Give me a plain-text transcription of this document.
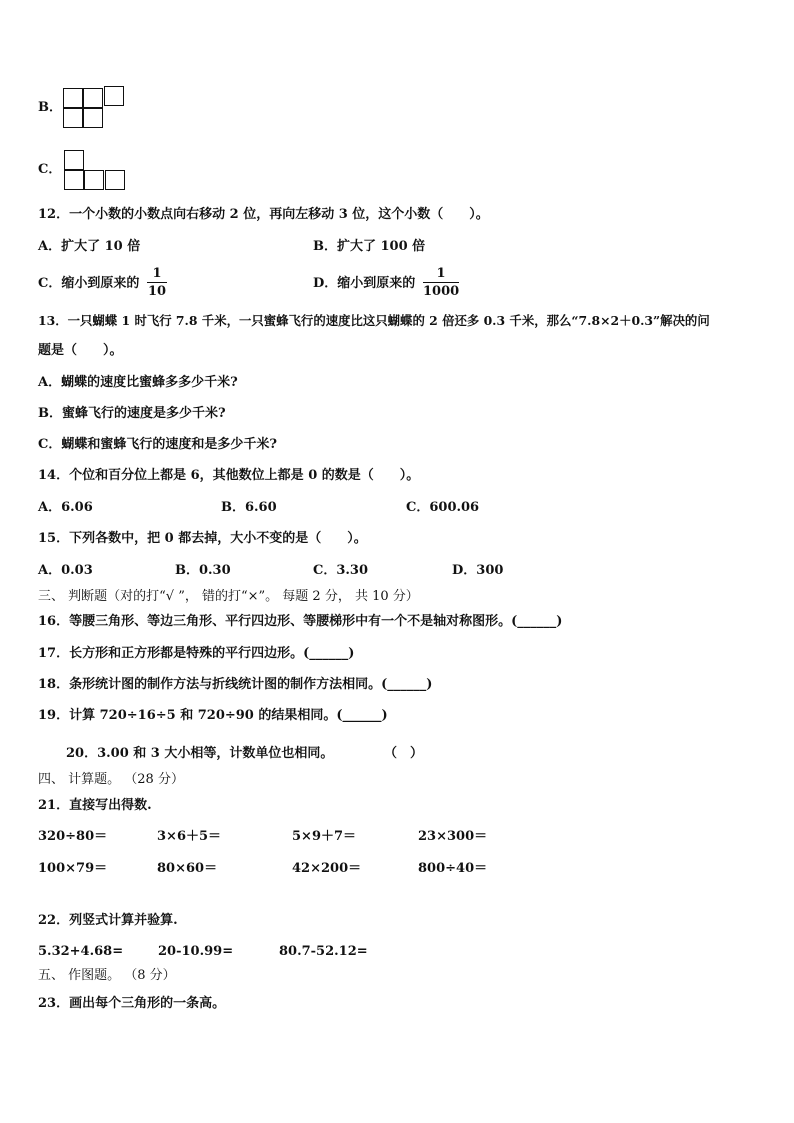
B．
C．
12．一个小数的小数点向右移动 2 位，再向左移动 3 位，这个小数（　　）。
A．扩大了 10 倍	B．扩大了 100 倍
C．缩小到原来的
1
10
D．缩小到原来的
1
1000
13．一只蝴蝶 1 时飞行 7.8 千米，一只蜜蜂飞行的速度比这只蝴蝶的 2 倍还多 0.3 千米，那么“7.8×2＋0.3”解决的问
题是（　　）。
A．蝴蝶的速度比蜜蜂多多少千米?
B．蜜蜂飞行的速度是多少千米?
C．蝴蝶和蜜蜂飞行的速度和是多少千米?
14．个位和百分位上都是 6，其他数位上都是 0 的数是（　　）。
A．6.06	B．6.60	C．600.06
15．下列各数中，把 0 都去掉，大小不变的是（　　）。
A．0.03	B．0.30	C．3.30	D．300
三、 判断题（对的打“√ ”， 错的打“×”。 每题 2 分， 共 10 分）
16．等腰三角形、等边三角形、平行四边形、等腰梯形中有一个不是轴对称图形。(______)
17．长方形和正方形都是特殊的平行四边形。(______)
18．条形统计图的制作方法与折线统计图的制作方法相同。(______)
19．计算 720÷16÷5 和 720÷90 的结果相同。(______)
20．3.00 和 3 大小相等，计数单位也相同。	（　）
四、 计算题。 （28 分）
21．直接写出得数.
320÷80＝	3×6＋5＝	5×9＋7＝	23×300＝
100×79＝	80×60＝	42×200＝	800÷40＝
22．列竖式计算并验算.
5.32+4.68=	20-10.99=	80.7-52.12=
五、 作图题。 （8 分）
23．画出每个三角形的一条高。
